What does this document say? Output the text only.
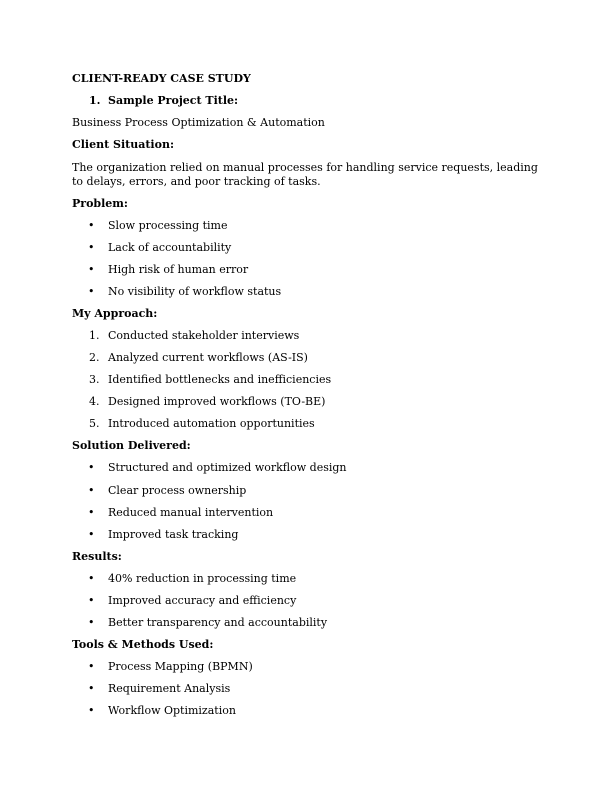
CLIENT-READY CASE STUDY
1. Sample Project Title:
Business Process Optimization & Automation
Client Situation:
The organization relied on manual processes for handling service requests, leading to delays, errors, and poor tracking of tasks.
Problem:
• Slow processing time
• Lack of accountability
• High risk of human error
• No visibility of workflow status
My Approach:
1. Conducted stakeholder interviews
2. Analyzed current workflows (AS-IS)
3. Identified bottlenecks and inefficiencies
4. Designed improved workflows (TO-BE)
5. Introduced automation opportunities
Solution Delivered:
• Structured and optimized workflow design
• Clear process ownership
• Reduced manual intervention
• Improved task tracking
Results:
• 40% reduction in processing time
• Improved accuracy and efficiency
• Better transparency and accountability
Tools & Methods Used:
• Process Mapping (BPMN)
• Requirement Analysis
• Workflow Optimization
